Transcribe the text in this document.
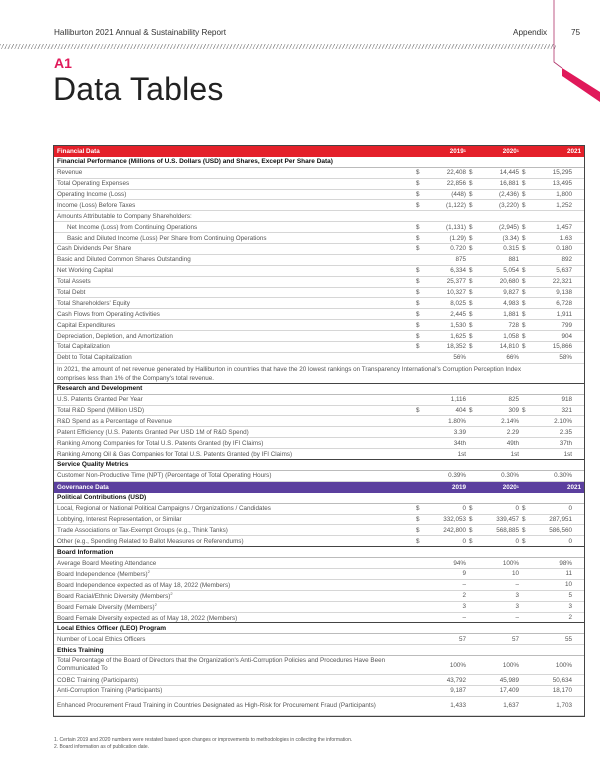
Halliburton 2021 Annual & Sustainability Report	Appendix	75
A1
Data Tables
Financial Data	2019 1	2020 1	2021
Financial Performance (Millions of U.S. Dollars (USD) and Shares, Except Per Share Data)
Revenue	$	22,408 $	14,445 $	15,295
Total Operating Expenses	$	22,856 $	16,881 $	13,495
Operating Income (Loss)	$	(448) $	(2,436) $	1,800
Income (Loss) Before Taxes	$	(1,122) $	(3,220) $	1,252
Amounts Attributable to Company Shareholders:
Net Income (Loss) from Continuing Operations	$	(1,131) $	(2,945) $	1,457
Basic and Diluted Income (Loss) Per Share from Continuing Operations	$	(1.29) $	(3.34) $	1.63
Cash Dividends Per Share	$	0.720 $	0.315 $	0.180
Basic and Diluted Common Shares Outstanding	875	881	892
Net Working Capital	$	6,334 $	5,054 $	5,637
Total Assets	$	25,377 $	20,680 $	22,321
Total Debt	$	10,327 $	9,827 $	9,138
Total Shareholders' Equity	$	8,025 $	4,983 $	6,728
Cash Flows from Operating Activities	$	2,445 $	1,881 $	1,911
Capital Expenditures	$	1,530 $	728 $	799
Depreciation, Depletion, and Amortization	$	1,625 $	1,058 $	904
Total Capitalization	$	18,352 $	14,810 $	15,866
Debt to Total Capitalization	56%	66%	58%
In 2021, the amount of net revenue generated by Halliburton in countries that have the 20 lowest rankings on Transparency International's Corruption Perception Index comprises less than 1% of the Company's total revenue.
Research and Development
U.S. Patents Granted Per Year	1,116	825	918
Total R&D Spend (Million USD)	$	404 $	309 $	321
R&D Spend as a Percentage of Revenue	1.80%	2.14%	2.10%
Patent Efficiency (U.S. Patents Granted Per USD 1M of R&D Spend)	3.39	2.29	2.35
Ranking Among Companies for Total U.S. Patents Granted (by IFI Claims)	34th	49th	37th
Ranking Among Oil & Gas Companies for Total U.S. Patents Granted (by IFI Claims)	1st	1st	1st
Service Quality Metrics
Customer Non-Productive Time (NPT) (Percentage of Total Operating Hours)	0.39%	0.30%	0.30%
Governance Data	2019	2020 1	2021
Political Contributions (USD)
Local, Regional or National Political Campaigns / Organizations / Candidates	$	0 $	0 $	0
Lobbying, Interest Representation, or Similar	$	332,053 $	339,457 $	287,951
Trade Associations or Tax-Exempt Groups (e.g., Think Tanks)	$	242,800 $	568,885 $	586,560
Other (e.g., Spending Related to Ballot Measures or Referendums)	$	0 $	0 $	0
Board Information
Average Board Meeting Attendance	94%	100%	98%
Board Independence (Members)$^2$	9	10	11
Board Independence expected as of May 18, 2022 (Members)	–	–	10
Board Racial/Ethnic Diversity (Members)$^2$	2	3	5
Board Female Diversity (Members)$^2$	3	3	3
Board Female Diversity expected as of May 18, 2022 (Members)	–	–	2
Local Ethics Officer (LEO) Program
Number of Local Ethics Officers	57	57	55
Ethics Training
Total Percentage of the Board of Directors that the Organization's Anti-Corruption Policies and Procedures Have Been Communicated To	100%	100%	100%
COBC Training (Participants)	43,792	45,989	50,634
Anti-Corruption Training (Participants)	9,187	17,409	18,170
Enhanced Procurement Fraud Training in Countries Designated as High-Risk for Procurement Fraud (Participants)	1,433	1,637	1,703
1. Certain 2019 and 2020 numbers were restated based upon changes or improvements to methodologies in collecting the information.
2. Board information as of publication date.
